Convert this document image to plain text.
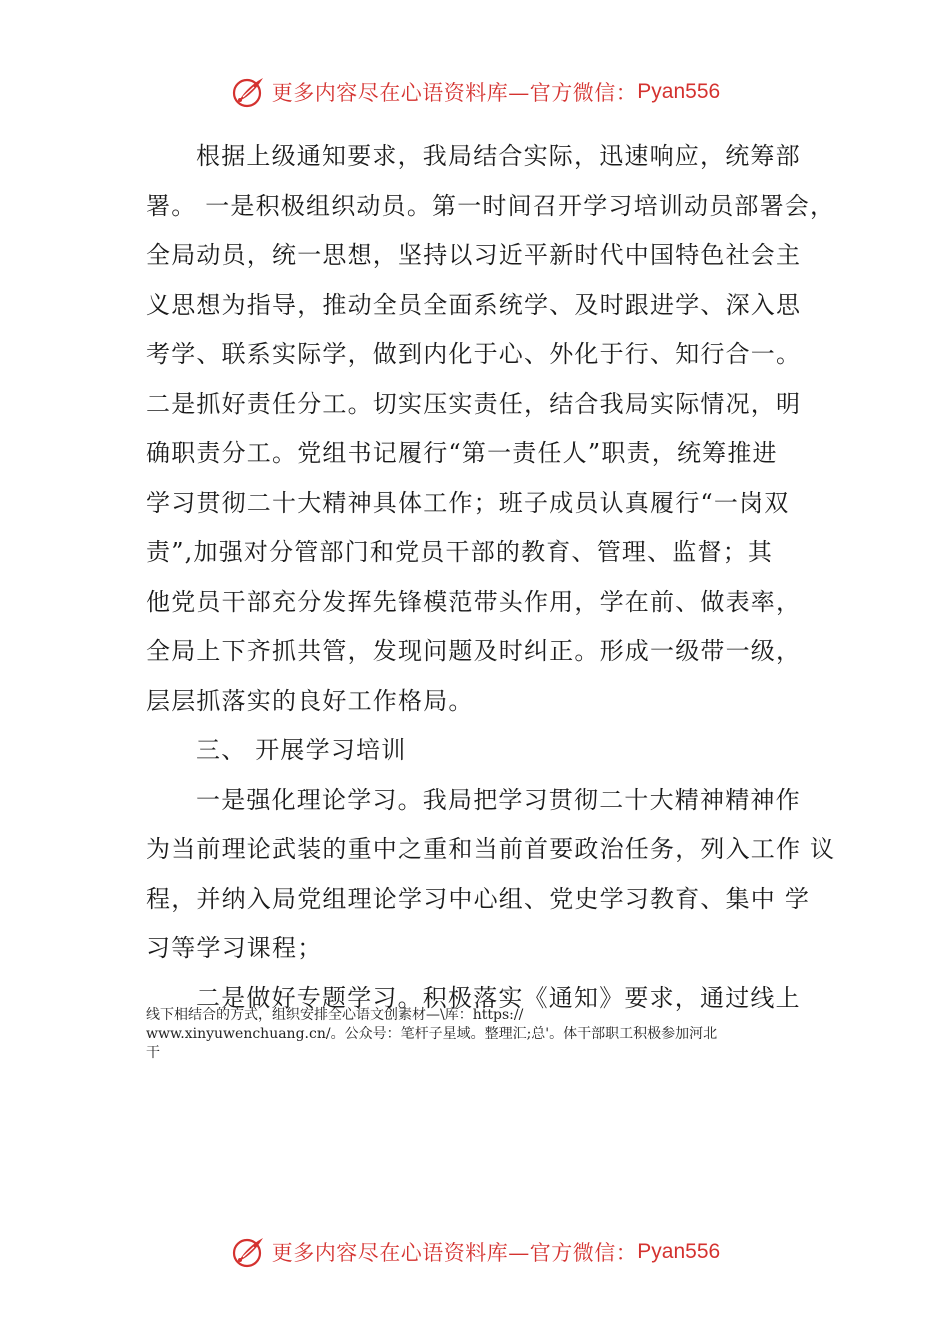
更多内容尽在心语资料库—官方微信： Pyan556
根据上级通知要求，我局结合实际，迅速响应，统筹部
署。 一是积极组织动员。第一时间召开学习培训动员部署会，
全局动员，统一思想，坚持以习近平新时代中国特色社会主
义思想为指导，推动全员全面系统学、及时跟进学、深入思
考学、联系实际学，做到内化于心、外化于行、知行合一。
二是抓好责任分工。切实压实责任，结合我局实际情况，明
确职责分工。党组书记履行“第一责任人”职责，统筹推进
学习贯彻二十大精神具体工作；班子成员认真履行“一岗双
责”,加强对分管部门和党员干部的教育、管理、监督；其
他党员干部充分发挥先锋模范带头作用，学在前、做表率，
全局上下齐抓共管，发现问题及时纠正。形成一级带一级，
层层抓落实的良好工作格局。
三、 开展学习培训
一是强化理论学习。我局把学习贯彻二十大精神精神作
为当前理论武装的重中之重和当前首要政治任务，列入工作 议
程，并纳入局党组理论学习中心组、党史学习教育、集中 学
习等学习课程；
二是做好专题学习。积极落实《通知》要求，通过线上
线下相结合的方式，组织安排全心语文创素材—\库：https://
www.xinyuwenchuang.cn/。公众号：笔杆子星域。整理汇;总'。体干部职工积极参加河北
干
更多内容尽在心语资料库—官方微信： Pyan556
